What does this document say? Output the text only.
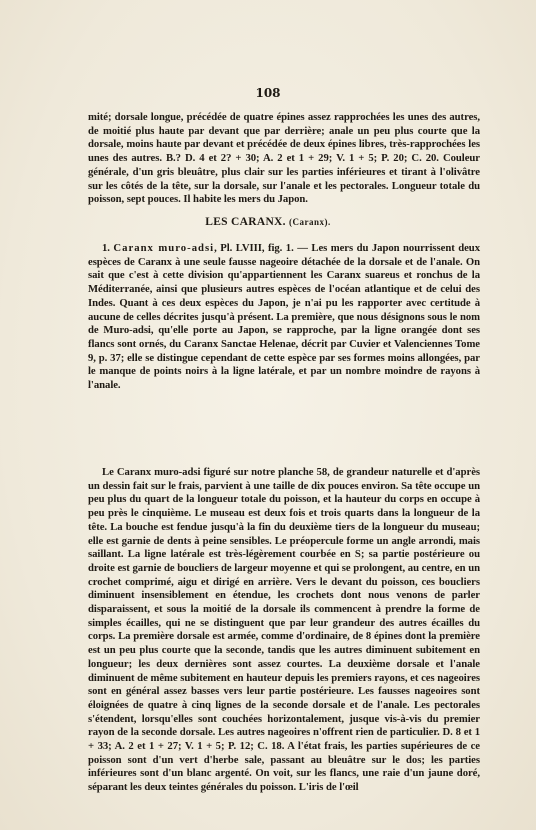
108

mité; dorsale longue, précédée de quatre épines assez rapprochées les unes des autres, de moitié plus haute par devant que par derrière; anale un peu plus courte que la dorsale, moins haute par devant et précédée de deux épines libres, très-rapprochées les unes des autres. B.? D. 4 et 2? + 30; A. 2 et 1 + 29; V. 1 + 5; P. 20; C. 20. Couleur générale, d'un gris bleuâtre, plus clair sur les parties inférieures et tirant à l'olivâtre sur les côtés de la tête, sur la dorsale, sur l'anale et les pectorales. Longueur totale du poisson, sept pouces. Il habite les mers du Japon.

LES CARANX. (Caranx).

1. Caranx muro-adsi, Pl. LVIII, fig. 1. — Les mers du Japon nourrissent deux espèces de Caranx à une seule fausse nageoire détachée de la dorsale et de l'anale. On sait que c'est à cette division qu'appartiennent les Caranx suareus et ronchus de la Méditerranée, ainsi que plusieurs autres espèces de l'océan atlantique et de celui des Indes. Quant à ces deux espèces du Japon, je n'ai pu les rapporter avec certitude à aucune de celles décrites jusqu'à présent. La première, que nous désignons sous le nom de Muro-adsi, qu'elle porte au Japon, se rapproche, par la ligne orangée dont ses flancs sont ornés, du Caranx Sanctae Helenae, décrit par Cuvier et Valenciennes Tome 9, p. 37; elle se distingue cependant de cette espèce par ses formes moins allongées, par le manque de points noirs à la ligne latérale, et par un nombre moindre de rayons à l'anale.

Le Caranx muro-adsi figuré sur notre planche 58, de grandeur naturelle et d'après un dessin fait sur le frais, parvient à une taille de dix pouces environ. Sa tête occupe un peu plus du quart de la longueur totale du poisson, et la hauteur du corps en occupe à peu près le cinquième. Le museau est deux fois et trois quarts dans la longueur de la tête. La bouche est fendue jusqu'à la fin du deuxième tiers de la longueur du museau; elle est garnie de dents à peine sensibles. Le préopercule forme un angle arrondi, mais saillant. La ligne latérale est très-légèrement courbée en S; sa partie postérieure ou droite est garnie de boucliers de largeur moyenne et qui se prolongent, au centre, en un crochet comprimé, aigu et dirigé en arrière. Vers le devant du poisson, ces boucliers diminuent insensiblement en étendue, les crochets dont nous venons de parler disparaissent, et sous la moitié de la dorsale ils commencent à prendre la forme de simples écailles, qui ne se distinguent que par leur grandeur des autres écailles du corps. La première dorsale est armée, comme d'ordinaire, de 8 épines dont la première est un peu plus courte que la seconde, tandis que les autres diminuent subitement en longueur; les deux dernières sont assez courtes. La deuxième dorsale et l'anale diminuent de même subitement en hauteur depuis les premiers rayons, et ces nageoires sont en général assez basses vers leur partie postérieure. Les fausses nageoires sont éloignées de quatre à cinq lignes de la seconde dorsale et de l'anale. Les pectorales s'étendent, lorsqu'elles sont couchées horizontalement, jusque vis-à-vis du premier rayon de la seconde dorsale. Les autres nageoires n'offrent rien de particulier. D. 8 et 1 + 33; A. 2 et 1 + 27; V. 1 + 5; P. 12; C. 18. A l'état frais, les parties supérieures de ce poisson sont d'un vert d'herbe sale, passant au bleuâtre sur le dos; les parties inférieures sont d'un blanc argenté. On voit, sur les flancs, une raie d'un jaune doré, séparant les deux teintes générales du poisson. L'iris de l'œil
